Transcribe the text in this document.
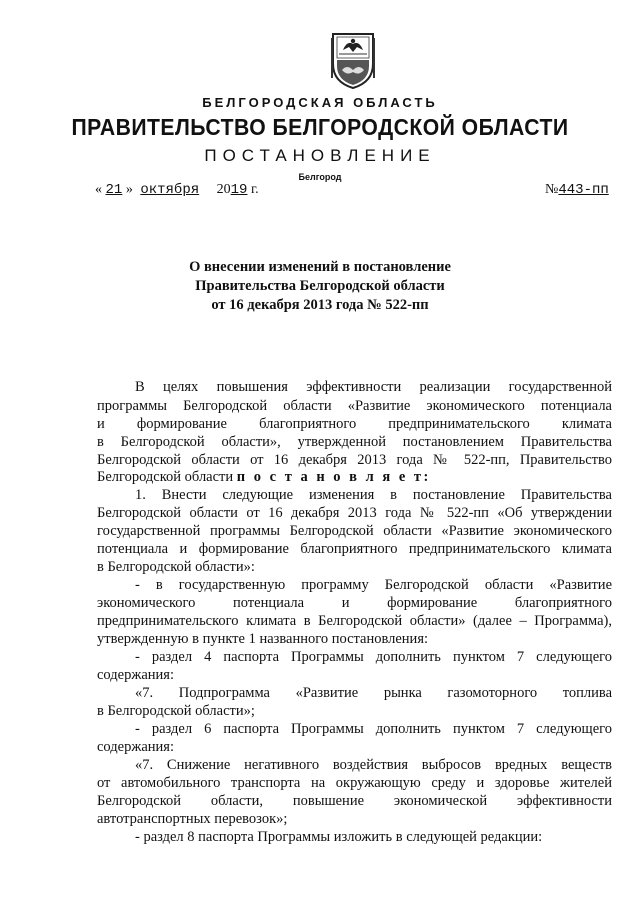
БЕЛГОРОДСКАЯ ОБЛАСТЬ
ПРАВИТЕЛЬСТВО БЕЛГОРОДСКОЙ ОБЛАСТИ
ПОСТАНОВЛЕНИЕ
Белгород
« 21 » октября 2019 г.	№443-пп
О внесении изменений в постановление
Правительства Белгородской области
от 16 декабря 2013 года № 522-пп
В целях повышения эффективности реализации государственной
программы Белгородской области «Развитие экономического потенциала
и формирование благоприятного предпринимательского климата
в Белгородской области», утвержденной постановлением Правительства
Белгородской области от 16 декабря 2013 года № 522-пп, Правительство
Белгородской области п о с т а н о в л я е т:
1. Внести следующие изменения в постановление Правительства
Белгородской области от 16 декабря 2013 года № 522-пп «Об утверждении
государственной программы Белгородской области «Развитие экономического
потенциала и формирование благоприятного предпринимательского климата
в Белгородской области»:
- в государственную программу Белгородской области «Развитие
экономического потенциала и формирование благоприятного
предпринимательского климата в Белгородской области» (далее – Программа),
утвержденную в пункте 1 названного постановления:
- раздел 4 паспорта Программы дополнить пунктом 7 следующего
содержания:
«7. Подпрограмма «Развитие рынка газомоторного топлива
в Белгородской области»;
- раздел 6 паспорта Программы дополнить пунктом 7 следующего
содержания:
«7. Снижение негативного воздействия выбросов вредных веществ
от автомобильного транспорта на окружающую среду и здоровье жителей
Белгородской области, повышение экономической эффективности
автотранспортных перевозок»;
- раздел 8 паспорта Программы изложить в следующей редакции:
